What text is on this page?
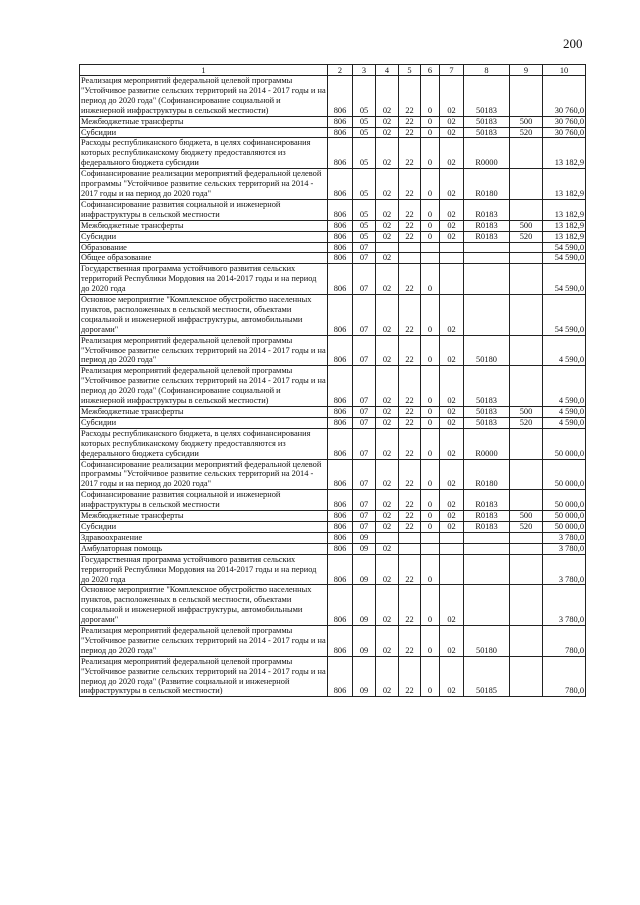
200
1	2	3	4	5	6	7	8	9	10
Реализация мероприятий федеральной целевой программы "Устойчивое развитие сельских территорий на 2014 - 2017 годы и на период до 2020 года" (Софинансирование социальной и инженерной инфраструктуры в сельской местности)	806	05	02	22	0	02	50183		30 760,0
Межбюджетные трансферты	806	05	02	22	0	02	50183	500	30 760,0
Субсидии	806	05	02	22	0	02	50183	520	30 760,0
Расходы республиканского бюджета, в целях софинансирования которых республиканскому бюджету предоставляются из федерального бюджета субсидии	806	05	02	22	0	02	R0000		13 182,9
Софинансирование реализации мероприятий федеральной целевой программы "Устойчивое развитие сельских территорий на 2014 - 2017 годы и на период до 2020 года"	806	05	02	22	0	02	R0180		13 182,9
Софинансирование развития социальной и инженерной инфраструктуры в сельской местности	806	05	02	22	0	02	R0183		13 182,9
Межбюджетные трансферты	806	05	02	22	0	02	R0183	500	13 182,9
Субсидии	806	05	02	22	0	02	R0183	520	13 182,9
Образование	806	07							54 590,0
Общее образование	806	07	02						54 590,0
Государственная программа устойчивого развития сельских территорий Республики Мордовия на 2014-2017 годы и на период до 2020 года	806	07	02	22	0				54 590,0
Основное мероприятие "Комплексное обустройство населенных пунктов, расположенных в сельской местности, объектами социальной и инженерной инфраструктуры, автомобильными дорогами"	806	07	02	22	0	02			54 590,0
Реализация мероприятий федеральной целевой программы "Устойчивое развитие сельских территорий на 2014 - 2017 годы и на период до 2020 года"	806	07	02	22	0	02	50180		4 590,0
Реализация мероприятий федеральной целевой программы "Устойчивое развитие сельских территорий на 2014 - 2017 годы и на период до 2020 года" (Софинансирование социальной и инженерной инфраструктуры в сельской местности)	806	07	02	22	0	02	50183		4 590,0
Межбюджетные трансферты	806	07	02	22	0	02	50183	500	4 590,0
Субсидии	806	07	02	22	0	02	50183	520	4 590,0
Расходы республиканского бюджета, в целях софинансирования которых республиканскому бюджету предоставляются из федерального бюджета субсидии	806	07	02	22	0	02	R0000		50 000,0
Софинансирование реализации мероприятий федеральной целевой программы "Устойчивое развитие сельских территорий на 2014 - 2017 годы и на период до 2020 года"	806	07	02	22	0	02	R0180		50 000,0
Софинансирование развития социальной и инженерной инфраструктуры в сельской местности	806	07	02	22	0	02	R0183		50 000,0
Межбюджетные трансферты	806	07	02	22	0	02	R0183	500	50 000,0
Субсидии	806	07	02	22	0	02	R0183	520	50 000,0
Здравоохранение	806	09							3 780,0
Амбулаторная помощь	806	09	02						3 780,0
Государственная программа устойчивого развития сельских территорий Республики Мордовия на 2014-2017 годы и на период до 2020 года	806	09	02	22	0				3 780,0
Основное мероприятие "Комплексное обустройство населенных пунктов, расположенных в сельской местности, объектами социальной и инженерной инфраструктуры, автомобильными дорогами"	806	09	02	22	0	02			3 780,0
Реализация мероприятий федеральной целевой программы "Устойчивое развитие сельских территорий на 2014 - 2017 годы и на период до 2020 года"	806	09	02	22	0	02	50180		780,0
Реализация мероприятий федеральной целевой программы "Устойчивое развитие сельских территорий на 2014 - 2017 годы и на период до 2020 года" (Развитие социальной и инженерной инфраструктуры в сельской местности)	806	09	02	22	0	02	50185		780,0
